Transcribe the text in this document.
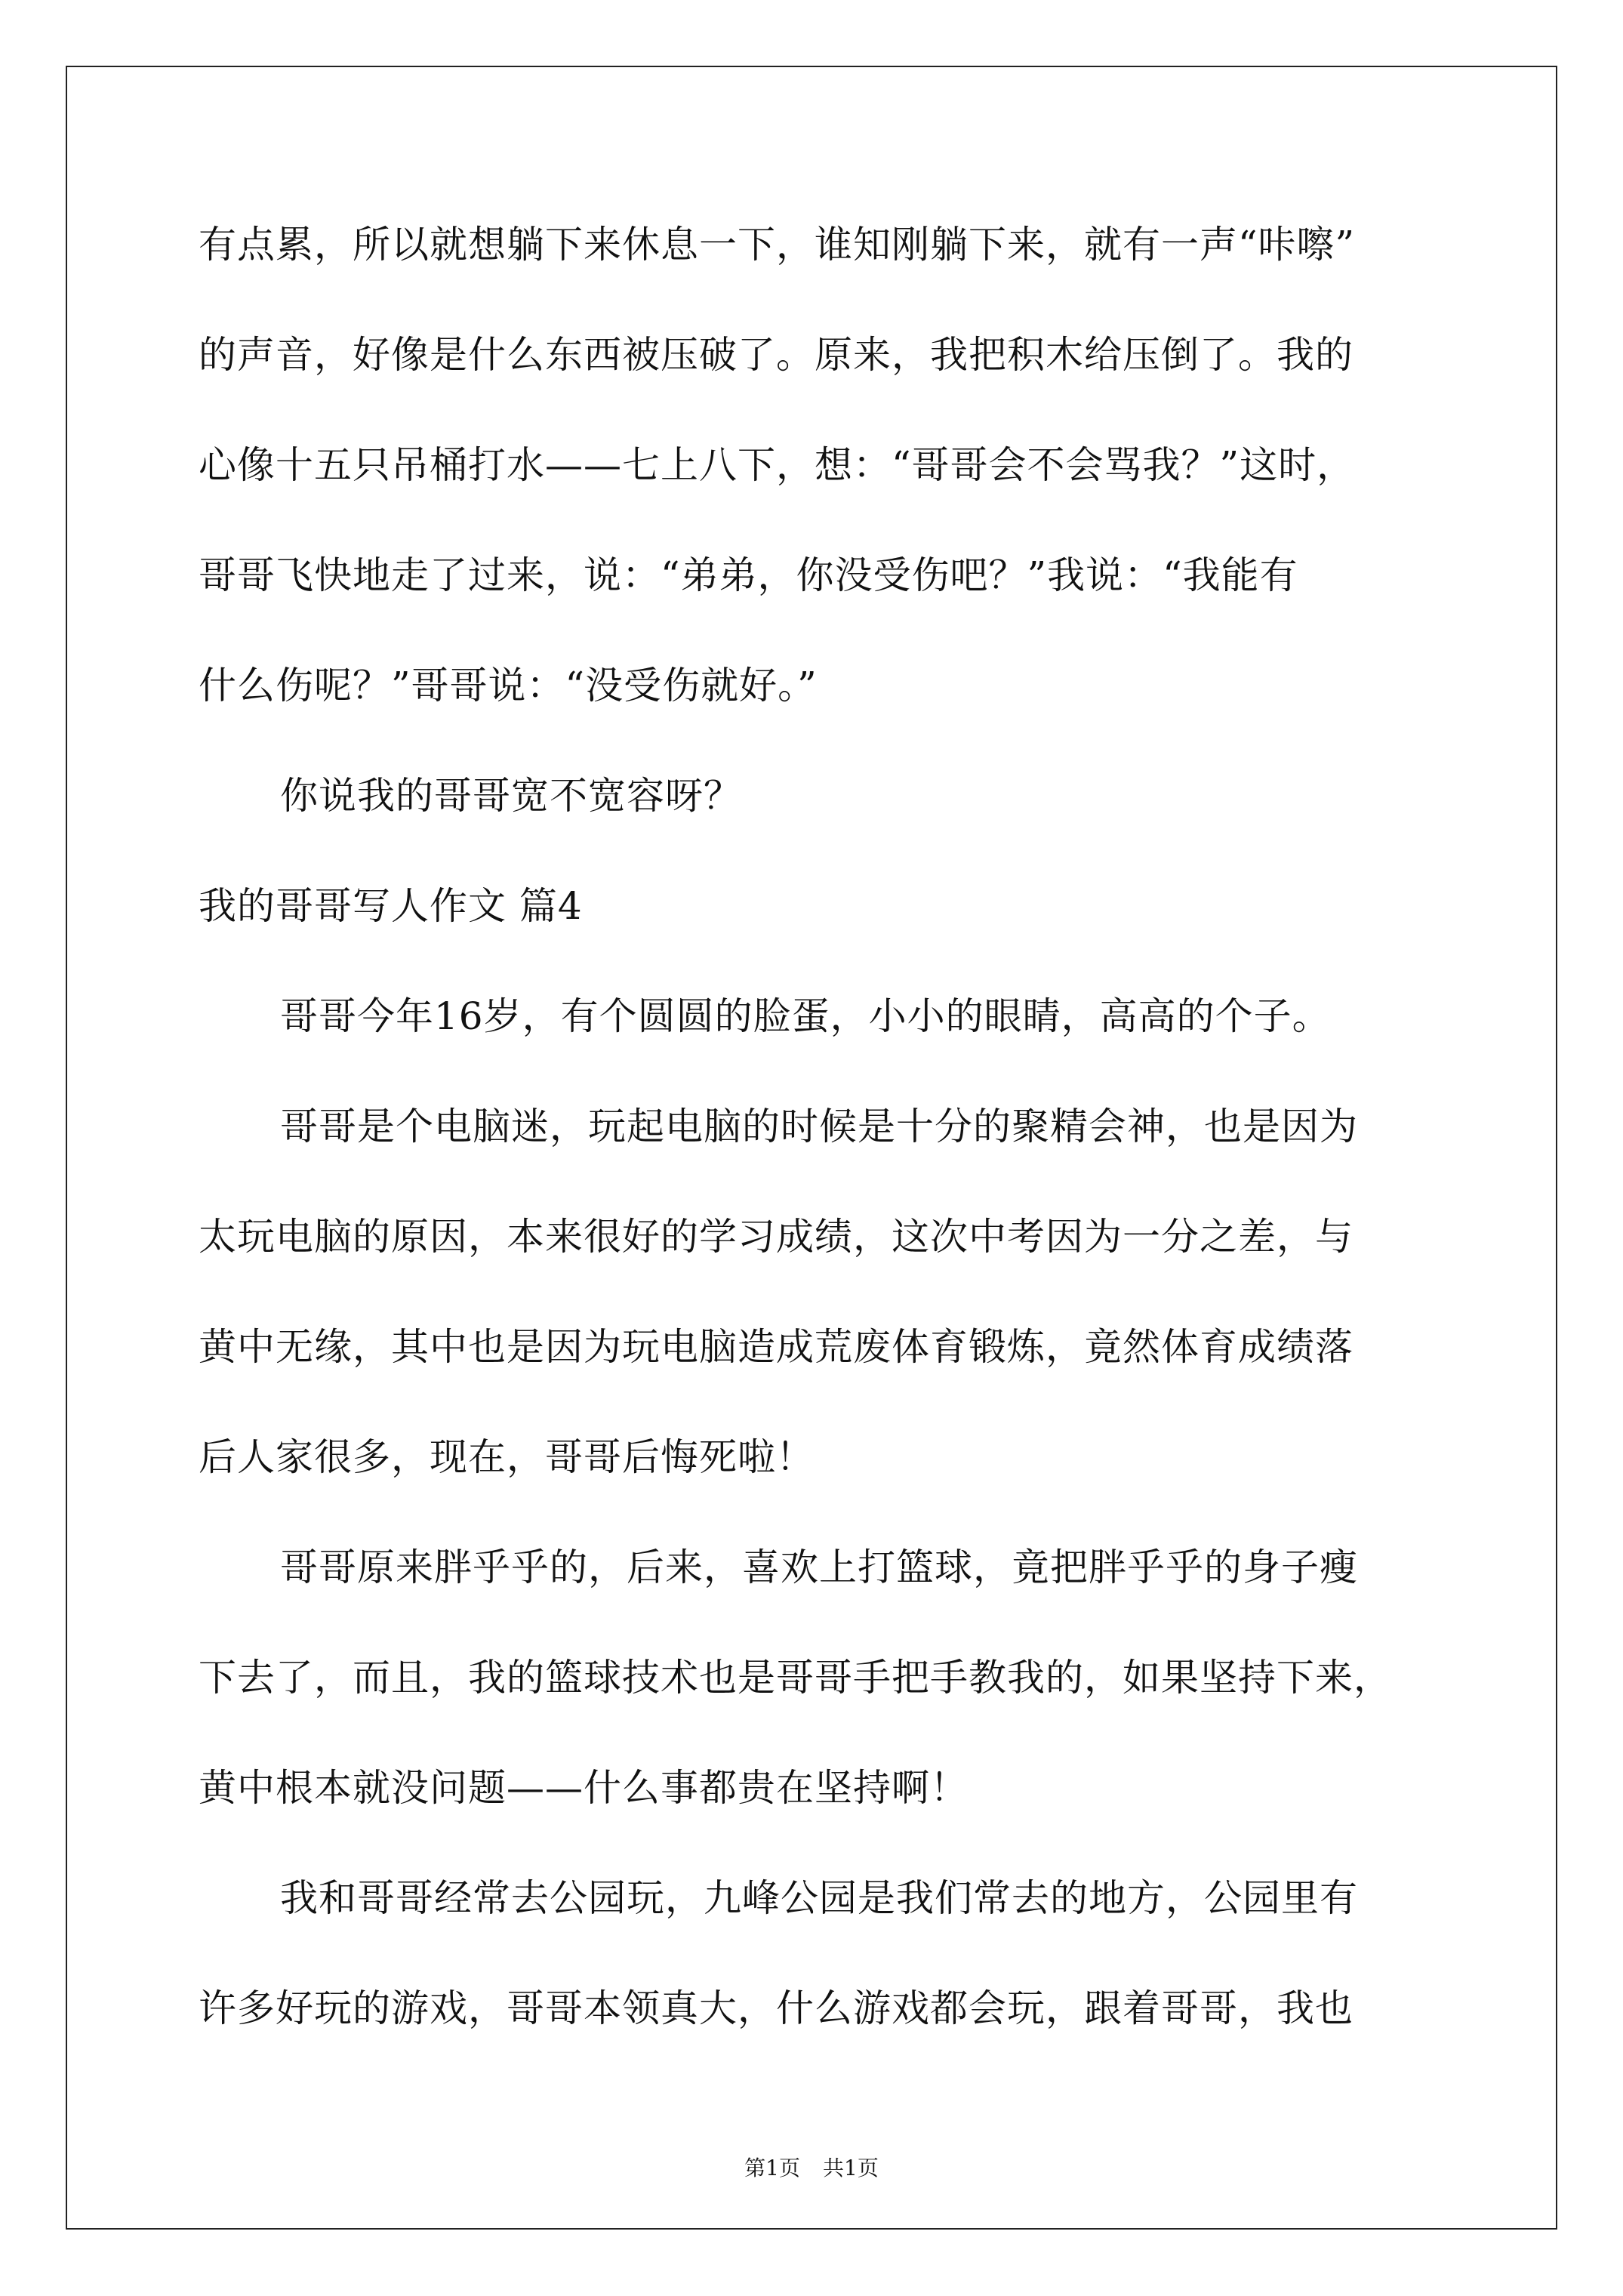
有点累，所以就想躺下来休息一下，谁知刚躺下来，就有一声“咔嚓”
的声音，好像是什么东西被压破了。原来，我把积木给压倒了。我的
心像十五只吊桶打水——七上八下，想：“哥哥会不会骂我？”这时，
哥哥飞快地走了过来，说：“弟弟，你没受伤吧？”我说：“我能有
什么伤呢？”哥哥说：“没受伤就好。”
你说我的哥哥宽不宽容呀？
我的哥哥写人作文 篇4
哥哥今年16岁，有个圆圆的脸蛋，小小的眼睛，高高的个子。
哥哥是个电脑迷，玩起电脑的时候是十分的聚精会神，也是因为
太玩电脑的原因，本来很好的学习成绩，这次中考因为一分之差，与
黄中无缘，其中也是因为玩电脑造成荒废体育锻炼，竟然体育成绩落
后人家很多，现在，哥哥后悔死啦！
哥哥原来胖乎乎的，后来，喜欢上打篮球，竟把胖乎乎的身子瘦
下去了，而且，我的篮球技术也是哥哥手把手教我的，如果坚持下来，
黄中根本就没问题——什么事都贵在坚持啊！
我和哥哥经常去公园玩，九峰公园是我们常去的地方，公园里有
许多好玩的游戏，哥哥本领真大，什么游戏都会玩，跟着哥哥，我也
第1页 共1页
